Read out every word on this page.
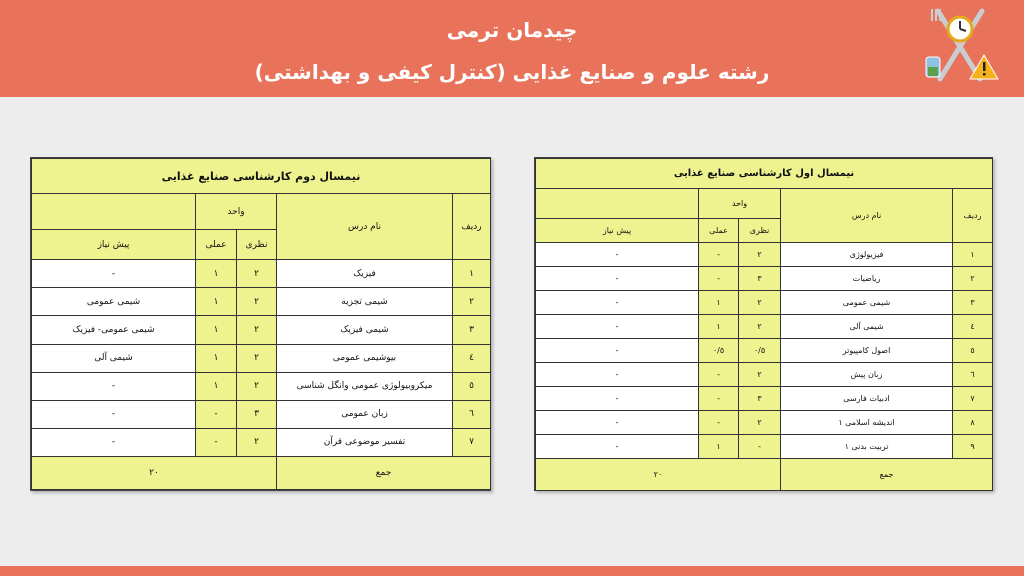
چیدمان ترمی
رشته علوم و صنایع غذایی (کنترل کیفی و بهداشتی)
نیمسال دوم کارشناسی صنایع غذایی				
ردیف	نام درس	واحد		
		نظری	عملی	پیش نیاز
١	فیزیک	٢	١	-
٢	شیمی تجزیه	٢	١	شیمی عمومی
٣	شیمی فیزیک	٢	١	شیمی عمومی- فیزیک
٤	بیوشیمی عمومی	٢	١	شیمی آلی
٥	میکروبیولوژی عمومی وانگل شناسی	٢	١	-
٦	زبان عمومی	٣	-	-
٧	تفسیر موضوعی قرآن	٢	-	-
جمع		٢٠		
نیمسال اول کارشناسی صنایع غذایی				
ردیف	نام درس	واحد		
		نظری	عملی	پیش نیاز
١	فیزیولوژی	٢	-	-
٢	ریاضیات	٣	-	-
٣	شیمی عمومی	٢	١	-
٤	شیمی آلی	٢	١	-
٥	اصول کامپیوتر	٠/٥	٠/٥	-
٦	زبان پیش	٢	-	-
٧	ادبیات فارسی	٣	-	-
٨	اندیشه اسلامی ١	٢	-	-
٩	تربیت بدنی ١	-	١	-
جمع		٢٠		
